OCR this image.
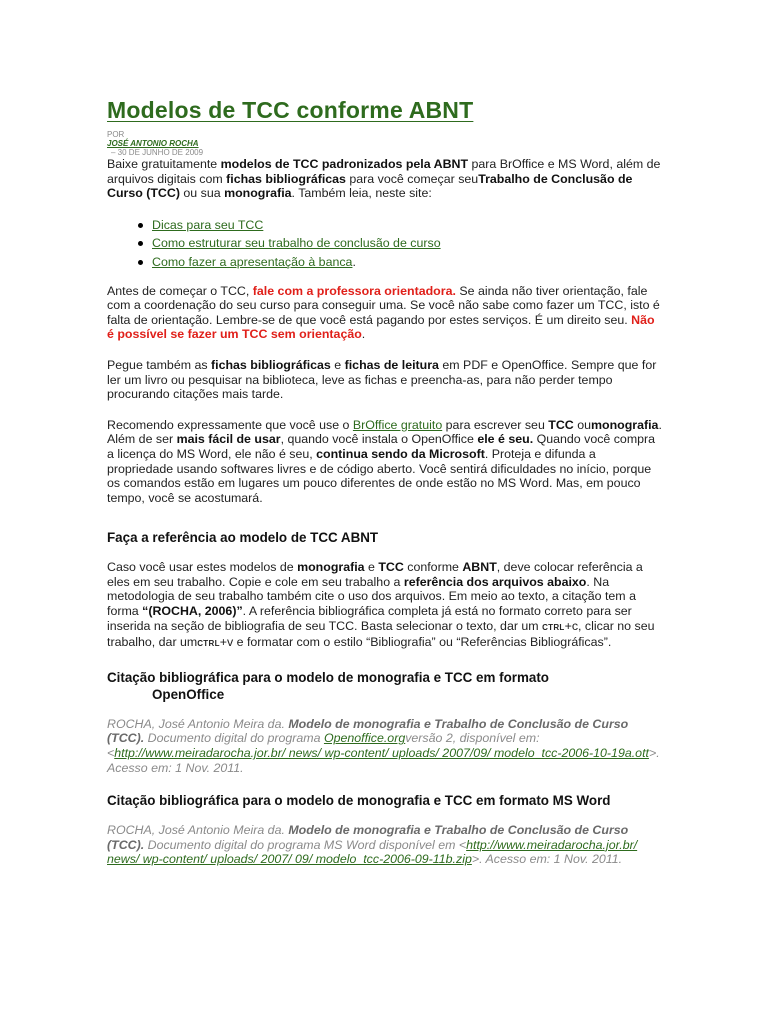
Modelos de TCC conforme ABNT
POR
JOSÉ ANTONIO ROCHA
– 30 DE JUNHO DE 2009

Baixe gratuitamente modelos de TCC padronizados pela ABNT para BrOffice e MS Word, além de arquivos digitais com fichas bibliográficas para você começar seuTrabalho de Conclusão de Curso (TCC) ou sua monografia. Também leia, neste site:

Dicas para seu TCC
Como estruturar seu trabalho de conclusão de curso
Como fazer a apresentação à banca.

Antes de começar o TCC, fale com a professora orientadora. Se ainda não tiver orientação, fale com a coordenação do seu curso para conseguir uma. Se você não sabe como fazer um TCC, isto é falta de orientação. Lembre-se de que você está pagando por estes serviços. É um direito seu. Não é possível se fazer um TCC sem orientação.

Pegue também as fichas bibliográficas e fichas de leitura em PDF e OpenOffice. Sempre que for ler um livro ou pesquisar na biblioteca, leve as fichas e preencha-as, para não perder tempo procurando citações mais tarde.

Recomendo expressamente que você use o BrOffice gratuito para escrever seu TCC oumonografia. Além de ser mais fácil de usar, quando você instala o OpenOffice ele é seu. Quando você compra a licença do MS Word, ele não é seu, continua sendo da Microsoft. Proteja e difunda a propriedade usando softwares livres e de código aberto. Você sentirá dificuldades no início, porque os comandos estão em lugares um pouco diferentes de onde estão no MS Word. Mas, em pouco tempo, você se acostumará.

Faça a referência ao modelo de TCC ABNT

Caso você usar estes modelos de monografia e TCC conforme ABNT, deve colocar referência a eles em seu trabalho. Copie e cole em seu trabalho a referência dos arquivos abaixo. Na metodologia de seu trabalho também cite o uso dos arquivos. Em meio ao texto, a citação tem a forma “(ROCHA, 2006)”. A referência bibliográfica completa já está no formato correto para ser inserida na seção de bibliografia de seu TCC. Basta selecionar o texto, dar um CTRL+c, clicar no seu trabalho, dar umCTRL+v e formatar com o estilo “Bibliografia” ou “Referências Bibliográficas”.

Citação bibliográfica para o modelo de monografia e TCC em formato
OpenOffice

ROCHA, José Antonio Meira da. Modelo de monografia e Trabalho de Conclusão de Curso (TCC). Documento digital do programa Openoffice.orgversão 2, disponível em: <http://www.meiradarocha.jor.br/ news/ wp-content/ uploads/ 2007/09/ modelo_tcc-2006-10-19a.ott>. Acesso em: 1 Nov. 2011.

Citação bibliográfica para o modelo de monografia e TCC em formato MS Word

ROCHA, José Antonio Meira da. Modelo de monografia e Trabalho de Conclusão de Curso (TCC). Documento digital do programa MS Word disponível em <http://www.meiradarocha.jor.br/ news/ wp-content/ uploads/ 2007/ 09/ modelo_tcc-2006-09-11b.zip>. Acesso em: 1 Nov. 2011.
